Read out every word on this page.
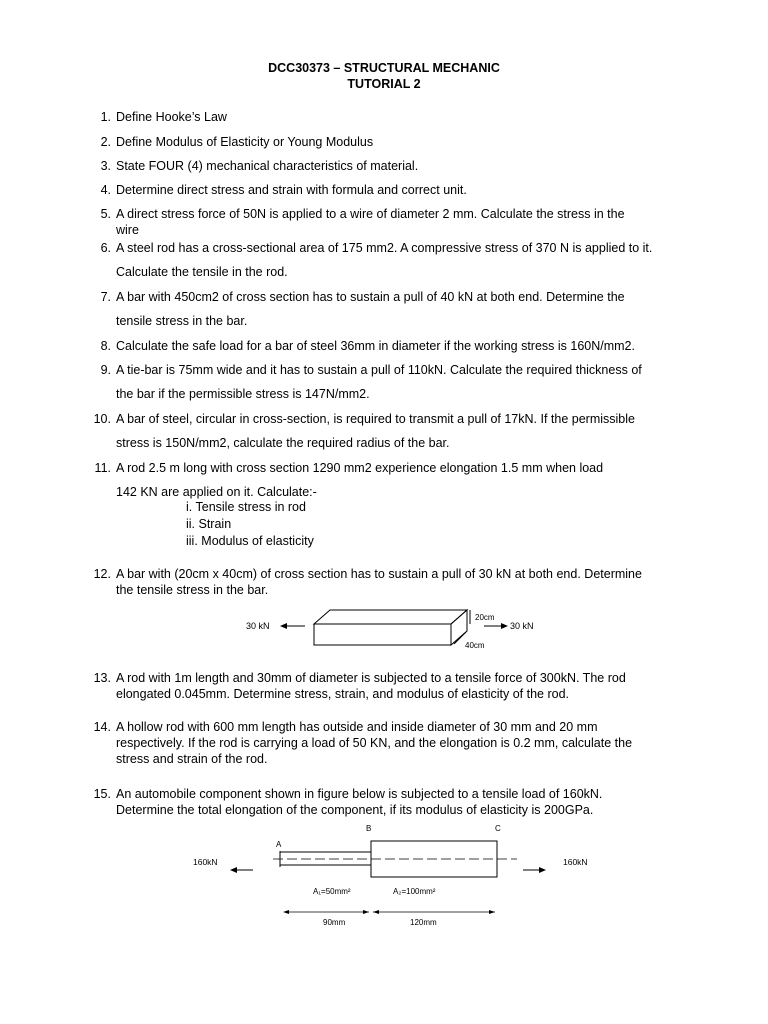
DCC30373 – STRUCTURAL MECHANIC
TUTORIAL 2
1. Define Hooke’s Law
2. Define Modulus of Elasticity or Young Modulus
3. State FOUR (4) mechanical characteristics of material.
4. Determine direct stress and strain with formula and correct unit.
5. A direct stress force of 50N is applied to a wire of diameter 2 mm. Calculate the stress in the
wire
6. A steel rod has a cross-sectional area of 175 mm2. A compressive stress of 370 N is applied to it.
Calculate the tensile in the rod.
7. A bar with 450cm2 of cross section has to sustain a pull of 40 kN at both end. Determine the
tensile stress in the bar.
8. Calculate the safe load for a bar of steel 36mm in diameter if the working stress is 160N/mm2.
9. A tie-bar is 75mm wide and it has to sustain a pull of 110kN. Calculate the required thickness of
the bar if the permissible stress is 147N/mm2.
10. A bar of steel, circular in cross-section, is required to transmit a pull of 17kN. If the permissible
stress is 150N/mm2, calculate the required radius of the bar.
11. A rod 2.5 m long with cross section 1290 mm2 experience elongation 1.5 mm when load
142 KN are applied on it. Calculate:-
i. Tensile stress in rod
ii. Strain
iii. Modulus of elasticity
12. A bar with (20cm x 40cm) of cross section has to sustain a pull of 30 kN at both end. Determine
the tensile stress in the bar.
30 kN
20cm
30 kN
40cm
13. A rod with 1m length and 30mm of diameter is subjected to a tensile force of 300kN. The rod
elongated 0.045mm. Determine stress, strain, and modulus of elasticity of the rod.
14. A hollow rod with 600 mm length has outside and inside diameter of 30 mm and 20 mm
respectively. If the rod is carrying a load of 50 KN, and the elongation is 0.2 mm, calculate the
stress and strain of the rod.
15. An automobile component shown in figure below is subjected to a tensile load of 160kN.
Determine the total elongation of the component, if its modulus of elasticity is 200GPa.
B	C
A
160kN	160kN
A₁=50mm²	A₂=100mm²
90mm	120mm
